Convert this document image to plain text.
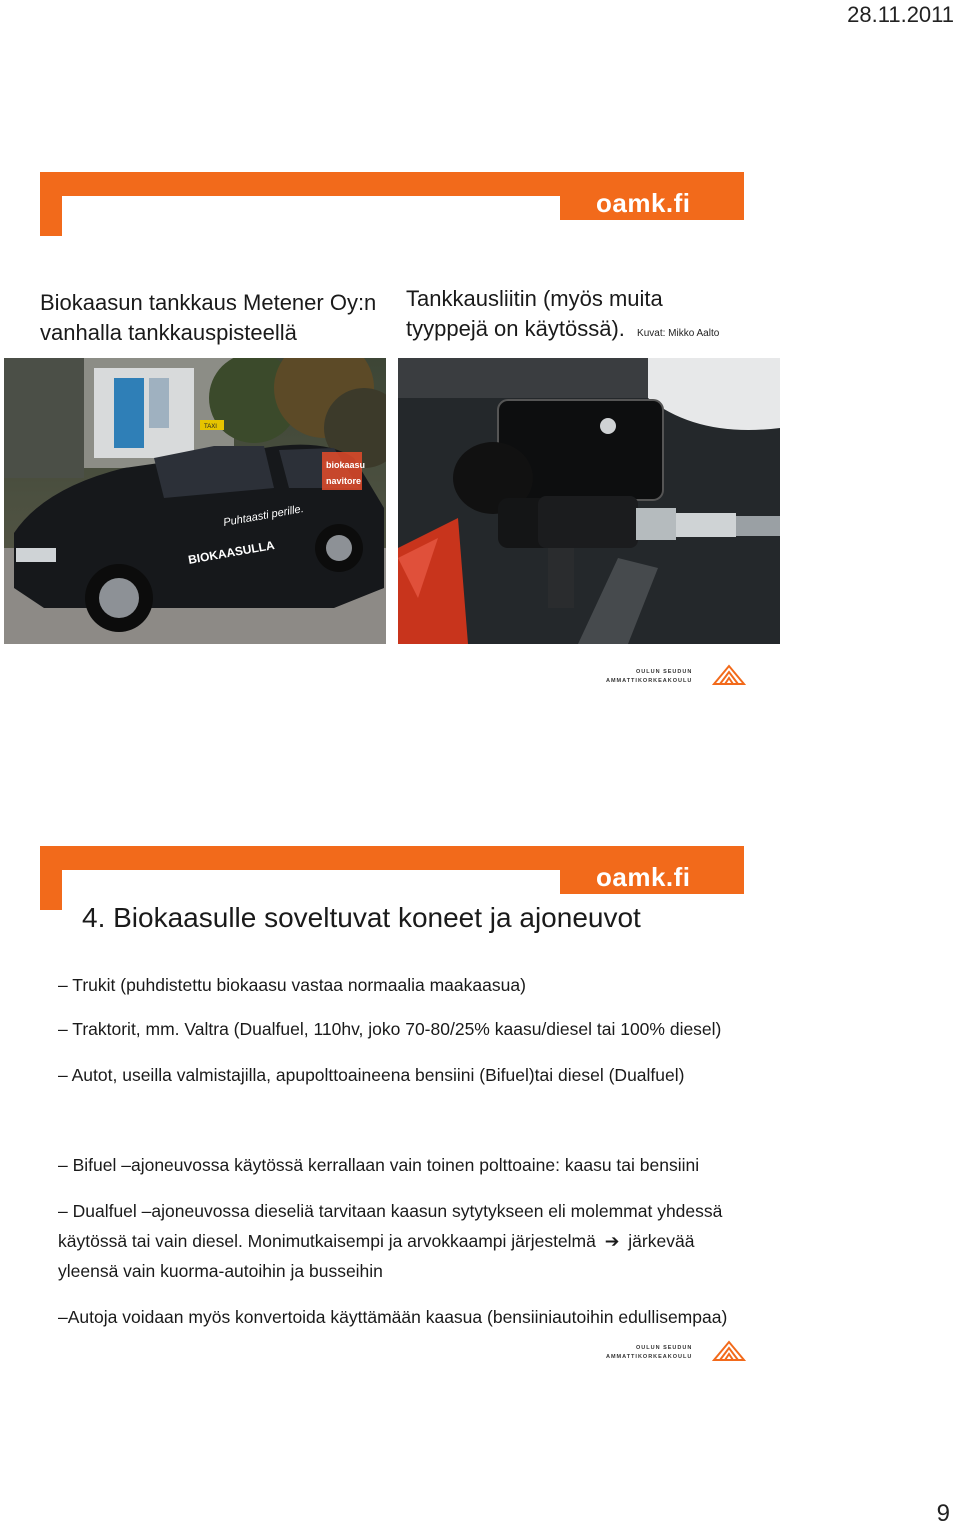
28.11.2011
oamk.fi
Biokaasun tankkaus Metener Oy:n
vanhalla tankkauspisteellä
Tankkausliitin (myös muita
tyyppejä on käytössä). Kuvat: Mikko Aalto
TAXI
biokaasu
navitore
Puhtaasti perille.
BIOKAASULLA
OULUN SEUDUN
AMMATTIKORKEAKOULU
oamk.fi
4. Biokaasulle soveltuvat koneet ja ajoneuvot
– Trukit (puhdistettu biokaasu vastaa normaalia maakaasua)
– Traktorit, mm. Valtra (Dualfuel, 110hv, joko 70-80/25% kaasu/diesel tai 100% diesel)
– Autot, useilla valmistajilla, apupolttoaineena bensiini (Bifuel)tai diesel (Dualfuel)
– Bifuel –ajoneuvossa käytössä kerrallaan vain toinen polttoaine: kaasu tai bensiini
– Dualfuel –ajoneuvossa dieseliä tarvitaan kaasun sytytykseen eli molemmat yhdessä
käytössä tai vain diesel. Monimutkaisempi ja arvokkaampi järjestelmä ➔ järkevää
yleensä vain kuorma-autoihin ja busseihin
–Autoja voidaan myös konvertoida käyttämään kaasua (bensiiniautoihin edullisempaa)
OULUN SEUDUN
AMMATTIKORKEAKOULU
9
